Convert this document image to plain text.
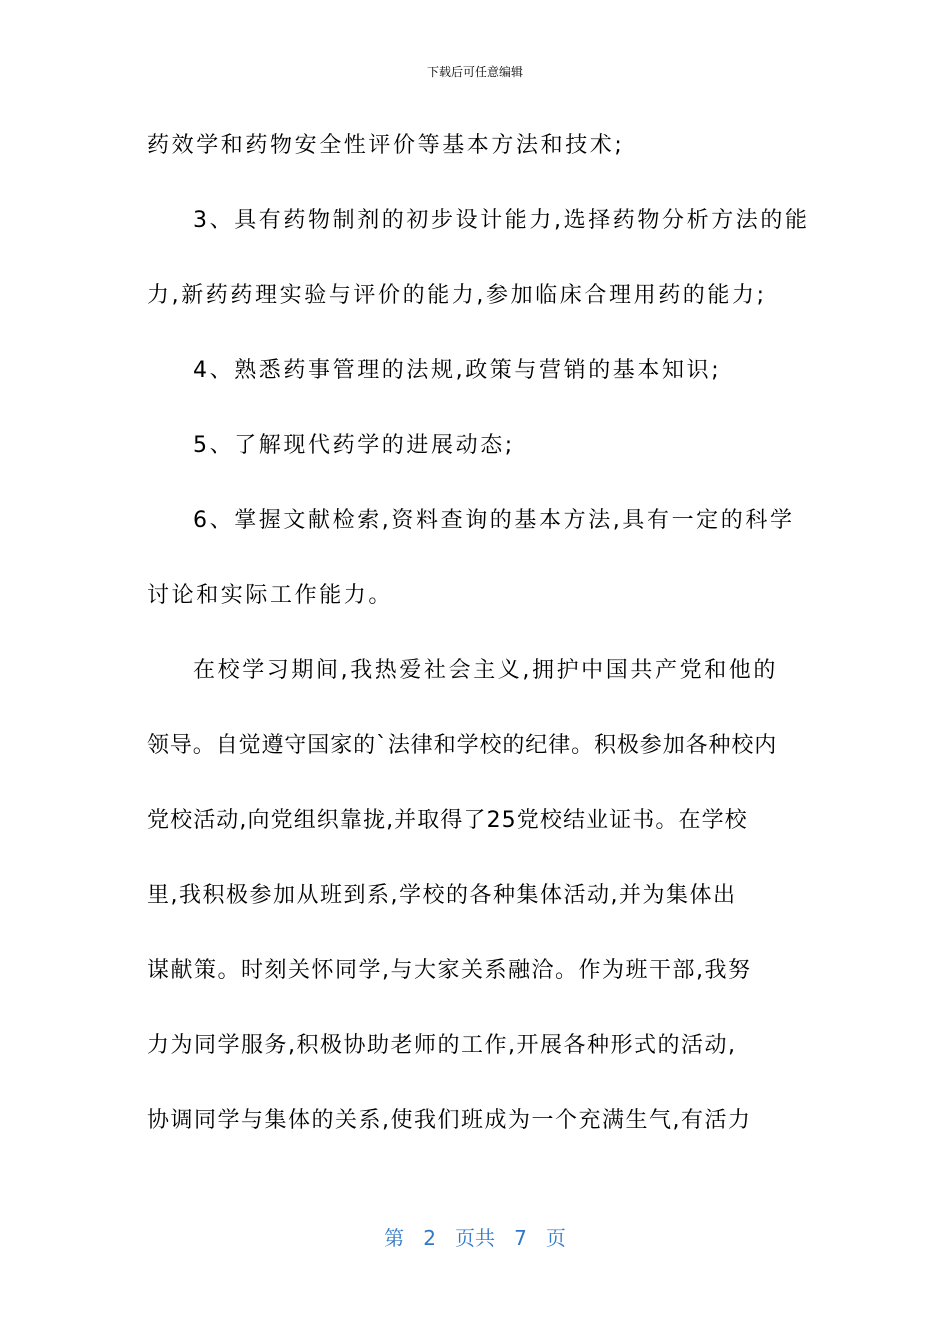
下载后可任意编辑
药效学和药物安全性评价等基本方法和技术;
3、具有药物制剂的初步设计能力,选择药物分析方法的能
力,新药药理实验与评价的能力,参加临床合理用药的能力;
4、熟悉药事管理的法规,政策与营销的基本知识;
5、了解现代药学的进展动态;
6、掌握文献检索,资料查询的基本方法,具有一定的科学
讨论和实际工作能力。
在校学习期间,我热爱社会主义,拥护中国共产党和他的
领导。自觉遵守国家的`法律和学校的纪律。积极参加各种校内
党校活动,向党组织靠拢,并取得了25党校结业证书。在学校
里,我积极参加从班到系,学校的各种集体活动,并为集体出
谋献策。时刻关怀同学,与大家关系融洽。作为班干部,我努
力为同学服务,积极协助老师的工作,开展各种形式的活动,
协调同学与集体的关系,使我们班成为一个充满生气,有活力
第 2 页共 7 页
